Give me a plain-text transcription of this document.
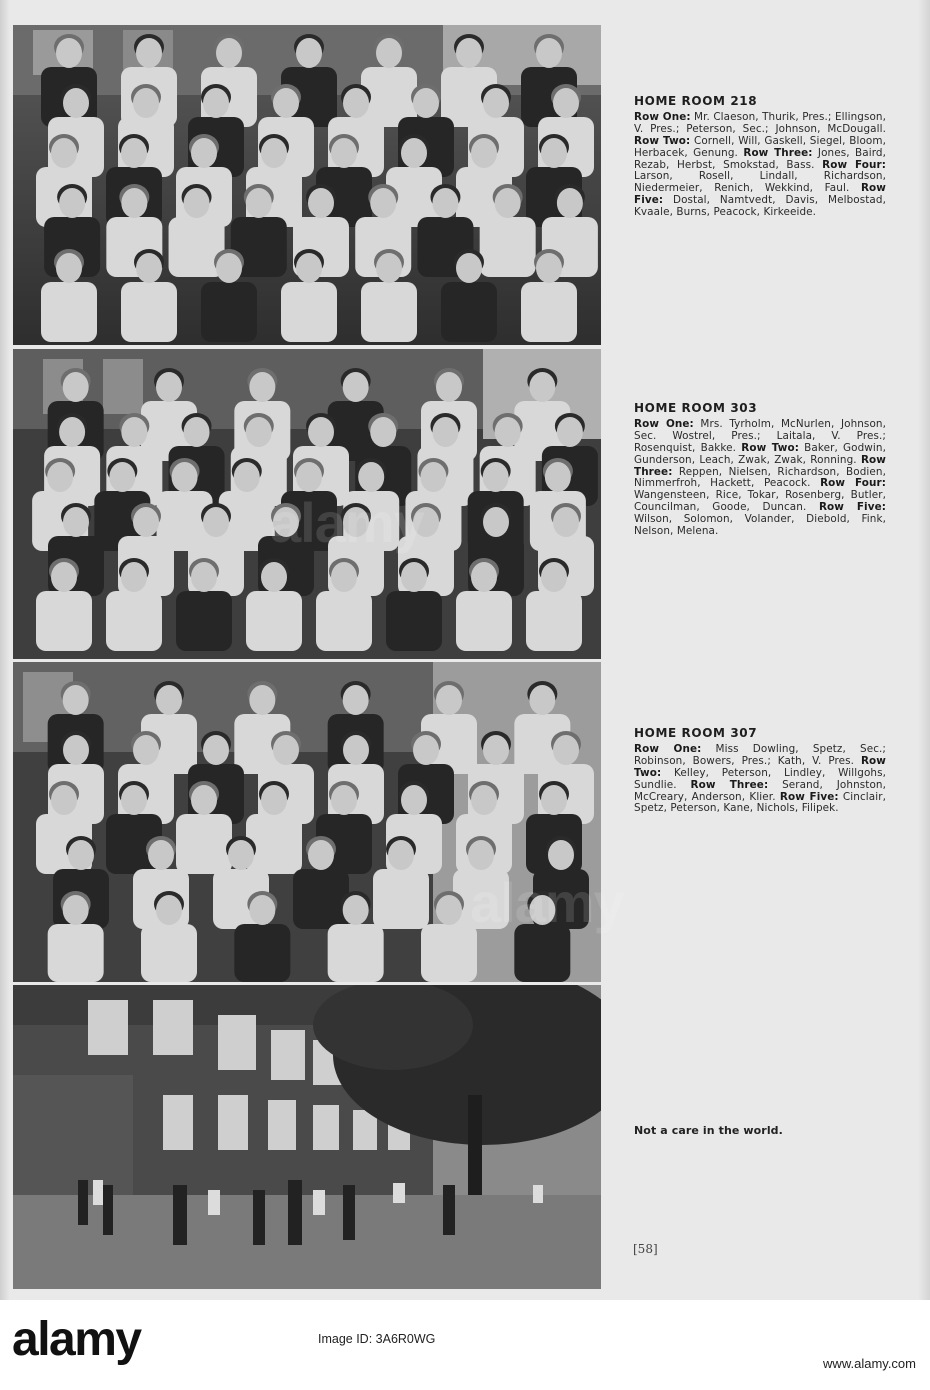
alamy
alamy
HOME ROOM 218
Row One: Mr. Claeson, Thurik, Pres.; Ellingson, V. Pres.; Peterson, Sec.; Johnson, McDougall. Row Two: Cornell, Will, Gaskell, Siegel, Bloom, Herbacek, Genung. Row Three: Jones, Baird, Rezab, Herbst, Smokstad, Bass. Row Four: Larson, Rosell, Lindall, Richardson, Niedermeier, Renich, Wekkind, Faul. Row Five: Dostal, Namtvedt, Davis, Melbostad, Kvaale, Burns, Peacock, Kirkeeide.
HOME ROOM 303
Row One: Mrs. Tyrholm, McNurlen, Johnson, Sec. Wostrel, Pres.; Laitala, V. Pres.; Rosenquist, Bakke. Row Two: Baker, Godwin, Gunderson, Leach, Zwak, Zwak, Ronning. Row Three: Reppen, Nielsen, Richardson, Bodien, Nimmerfroh, Hackett, Peacock. Row Four: Wangensteen, Rice, Tokar, Rosenberg, Butler, Councilman, Goode, Duncan. Row Five: Wilson, Solomon, Volander, Diebold, Fink, Nelson, Melena.
HOME ROOM 307
Row One: Miss Dowling, Spetz, Sec.; Robinson, Bowers, Pres.; Kath, V. Pres. Row Two: Kelley, Peterson, Lindley, Willgohs, Sundlie. Row Three: Serand, Johnston, McCreary, Anderson, Klier. Row Five: Cinclair, Spetz, Peterson, Kane, Nichols, Filipek.
Not a care in the world.
[58]
alamy	Image ID: 3A6R0WG
www.alamy.com
